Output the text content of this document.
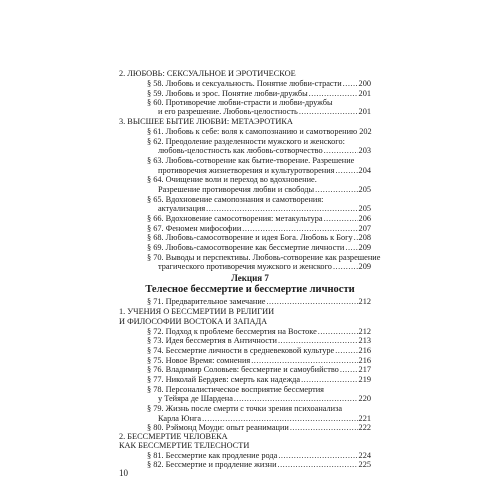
2. ЛЮБОВЬ: СЕКСУАЛЬНОЕ И ЭРОТИЧЕСКОЕ
§ 58. Любовь и сексуальность. Понятие любви-страсти ..... 200
§ 59. Любовь и эрос. Понятие любви-дружбы .....	201
§ 60. Противоречие любви-страсти и любви-дружбы
и его разрешение. Любовь-целостность .....	201
3. ВЫСШЕЕ БЫТИЕ ЛЮБВИ: МЕТАЭРОТИКА
§ 61. Любовь к себе: воля к самопознанию и самотворению 202
§ 62. Преодоление разделенности мужского и женского:
любовь-целостность как любовь-сотворчество .....	203
§ 63. Любовь-сотворение как бытие-творение. Разрешение
противоречия жизнетворения и культуротворения .....	204
§ 64. Очищение воли и переход во вдохновение.
Разрешение противоречия любви и свободы .....	205
§ 65. Вдохновение самопознания и самотворения:
актуализация .....	205
§ 66. Вдохновение самосотворения: метакультура .....	206
§ 67. Феномен мифософии .....	207
§ 68. Любовь-самосотворение и идея Бога. Любовь к Богу ..... 208
§ 69. Любовь-самосотворение как бессмертие личности ..... 209
§ 70. Выводы и перспективы. Любовь-сотворение как разрешение
трагического противоречия мужского и женского .....	209
Лекция 7
Телесное бессмертие и бессмертие личности
§ 71. Предварительное замечание .....	212
1. УЧЕНИЯ О БЕССМЕРТИИ В РЕЛИГИИ
И ФИЛОСОФИИ ВОСТОКА И ЗАПАДА
§ 72. Подход к проблеме бессмертия на Востоке .....	212
§ 73. Идея бессмертия в Античности .....	213
§ 74. Бессмертие личности в средневековой культуре .....	216
§ 75. Новое Время: сомнения .....	216
§ 76. Владимир Соловьев: бессмертие и самоубийство ..... 217
§ 77. Николай Бердяев: смерть как надежда .....	219
§ 78. Персоналистическое восприятие бессмертия
у Тейяра де Шардена .....	220
§ 79. Жизнь после смерти с точки зрения психоанализа
Карла Юнга .....	221
§ 80. Рэймонд Моуди: опыт реанимации .....	222
2. БЕССМЕРТИЕ ЧЕЛОВЕКА
КАК БЕССМЕРТИЕ ТЕЛЕСНОСТИ
§ 81. Бессмертие как продление рода .....	224
§ 82. Бессмертие и продление жизни .....	225
10
